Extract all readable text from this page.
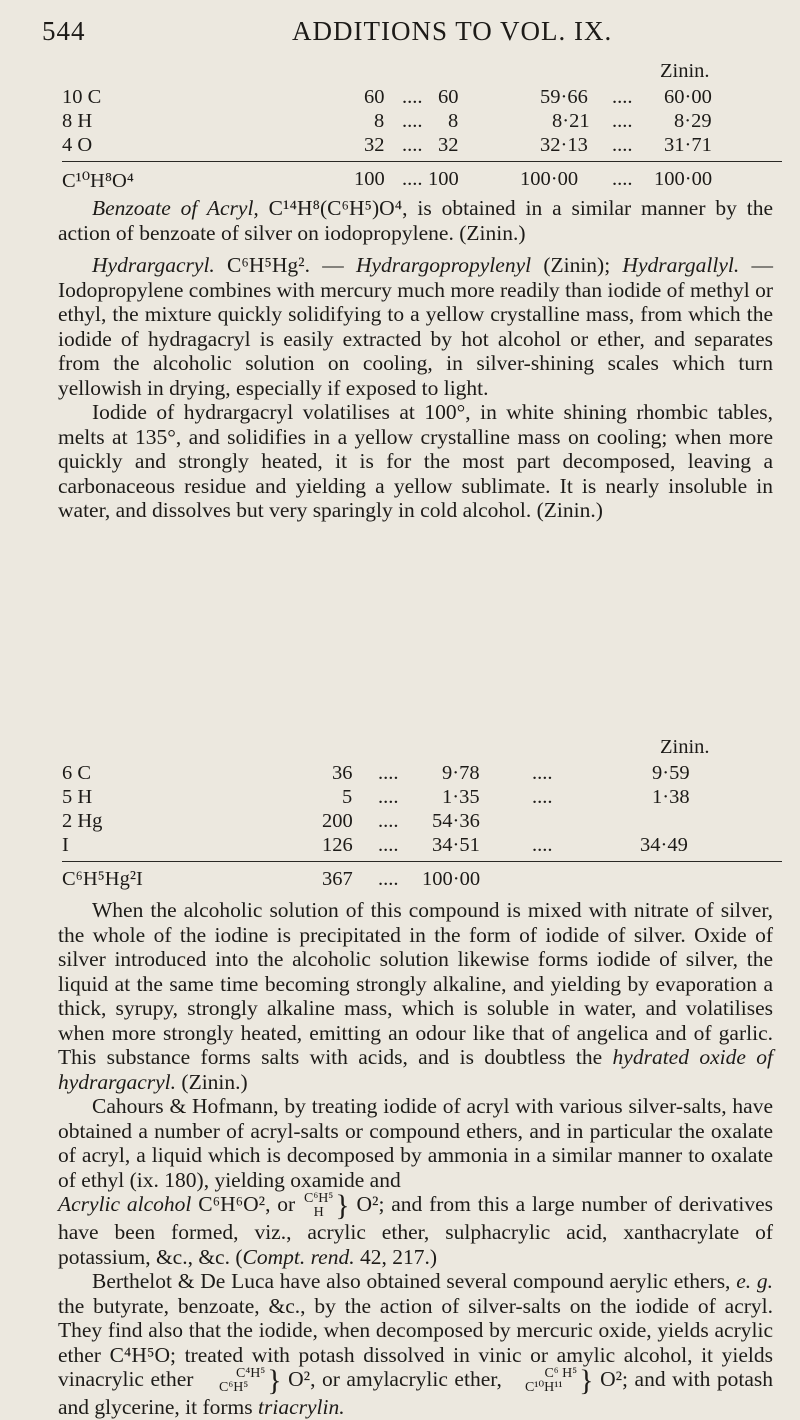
544	ADDITIONS TO VOL. IX.
Zinin.
10 C	60 .... 60	59·66 .... 60·00
8 H	8 .... 8	8·21 .... 8·29
4 O	32 .... 32	32·13 .... 31·71
C¹⁰H⁸O⁴	100 .... 100	100·00 .... 100·00

Benzoate of Acryl, C¹⁴H⁸(C⁶H⁵)O⁴, is obtained in a similar manner by the action of benzoate of silver on iodopropylene. (Zinin.)

Hydrargacryl. C⁶H⁵Hg². — Hydrargopropylenyl (Zinin); Hydrargallyl. — Iodopropylene combines with mercury much more readily than iodide of methyl or ethyl, the mixture quickly solidifying to a yellow crystalline mass, from which the iodide of hydragacryl is easily extracted by hot alcohol or ether, and separates from the alcoholic solution on cooling, in silver-shining scales which turn yellowish in drying, especially if exposed to light.

Iodide of hydrargacryl volatilises at 100°, in white shining rhombic tables, melts at 135°, and solidifies in a yellow crystalline mass on cooling; when more quickly and strongly heated, it is for the most part decomposed, leaving a carbonaceous residue and yielding a yellow sublimate. It is nearly insoluble in water, and dissolves but very sparingly in cold alcohol. (Zinin.)

Zinin.
6 C	36 .... 9·78	....	9·59
5 H	5 .... 1·35	....	1·38
2 Hg	200 .... 54·36
I	126 .... 34·51	....	34·49
C⁶H⁵Hg²I	367 .... 100·00

When the alcoholic solution of this compound is mixed with nitrate of silver, the whole of the iodine is precipitated in the form of iodide of silver. Oxide of silver introduced into the alcoholic solution likewise forms iodide of silver, the liquid at the same time becoming strongly alkaline, and yielding by evaporation a thick, syrupy, strongly alkaline mass, which is soluble in water, and volatilises when more strongly heated, emitting an odour like that of angelica and of garlic. This substance forms salts with acids, and is doubtless the hydrated oxide of hydrargacryl. (Zinin.)

Cahours & Hofmann, by treating iodide of acryl with various silver-salts, have obtained a number of acryl-salts or compound ethers, and in particular the oxalate of acryl, a liquid which is decomposed by ammonia in a similar manner to oxalate of ethyl (ix. 180), yielding oxamide and

Acrylic alcohol C⁶H⁶O², or C⁶H⁵
H } O²; and from this a large number of derivatives have been formed, viz., acrylic ether, sulphacrylic acid, xanthacrylate of potassium, &c., &c. (Compt. rend. 42, 217.)

Berthelot & De Luca have also obtained several compound aerylic ethers, e. g. the butyrate, benzoate, &c., by the action of silver-salts on the iodide of acryl. They find also that the iodide, when decomposed by mercuric oxide, yields acrylic ether C⁴H⁵O; treated with potash dissolved in vinic or amylic alcohol, it yields vinacrylic ether	C⁴H⁵
C⁶H⁵ } O², or amylacrylic ether,	C⁶ H⁵
C¹⁰H¹¹ } O²; and with potash and glycerine, it forms triacrylin.
